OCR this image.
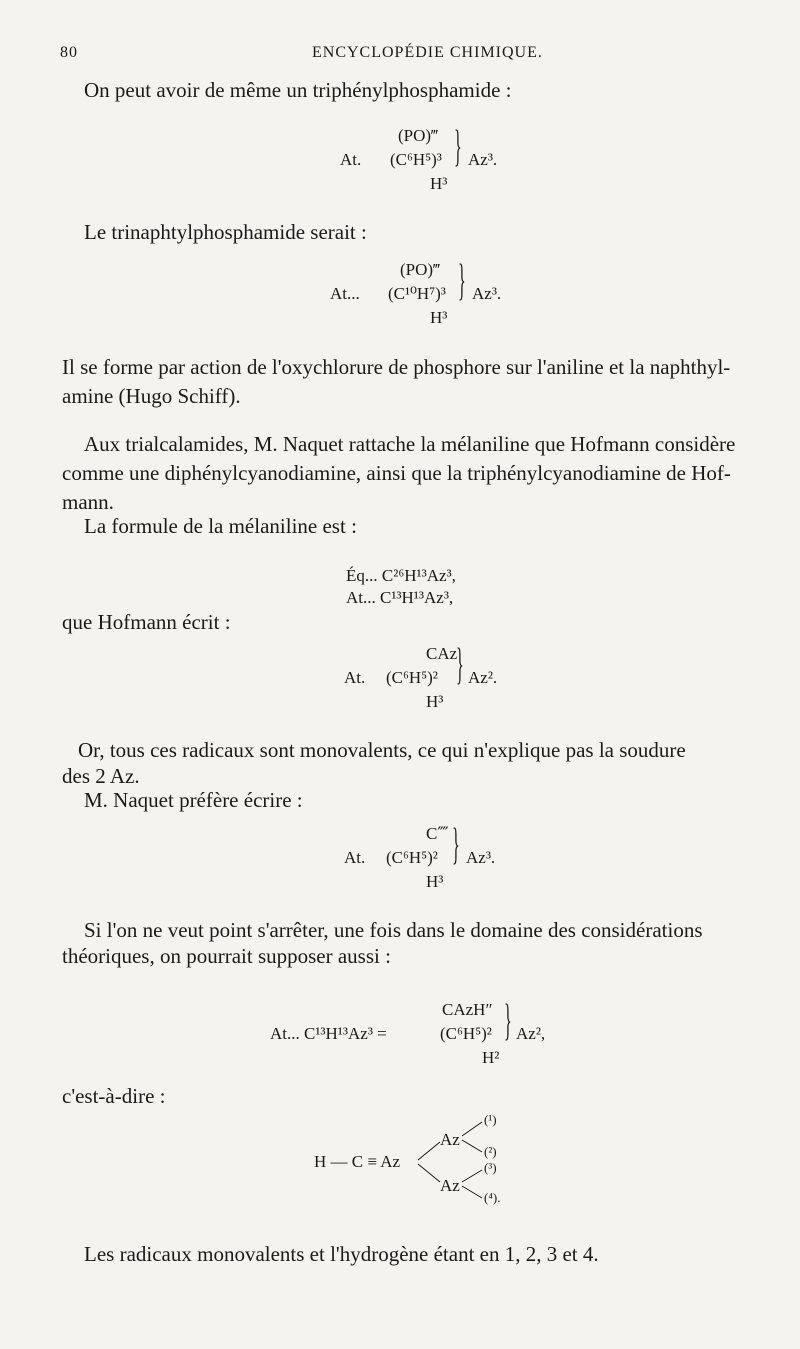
80	ENCYCLOPÉDIE CHIMIQUE.
On peut avoir de même un triphénylphosphamide :
(PO)‴
At. (C⁶H⁵)³
H³
} Az³.
Le trinaphtylphosphamide serait :
(PO)‴
At... (C¹⁰H⁷)³
H³
} Az³.
Il se forme par action de l'oxychlorure de phosphore sur l'aniline et la naphthyl-
amine (Hugo Schiff).
Aux trialcalamides, M. Naquet rattache la mélaniline que Hofmann considère
comme une diphénylcyanodiamine, ainsi que la triphénylcyanodiamine de Hof-
mann.
La formule de la mélaniline est :
Éq... C²⁶H¹³Az³,
At... C¹³H¹³Az³,
que Hofmann écrit :
CAz
At. (C⁶H⁵)²
H³
} Az².
Or, tous ces radicaux sont monovalents, ce qui n'explique pas la soudure
des 2 Az.
M. Naquet préfère écrire :
C⁗
At. (C⁶H⁵)²
H³
} Az³.
Si l'on ne veut point s'arrêter, une fois dans le domaine des considérations
théoriques, on pourrait supposer aussi :
CAzH″
At... C¹³H¹³Az³ =	(C⁶H⁵)²
H²
} Az²,
c'est-à-dire :
H — C ≡ Az
Az
Az
(¹)
(²)
(³)
(⁴).
Les radicaux monovalents et l'hydrogène étant en 1, 2, 3 et 4.
